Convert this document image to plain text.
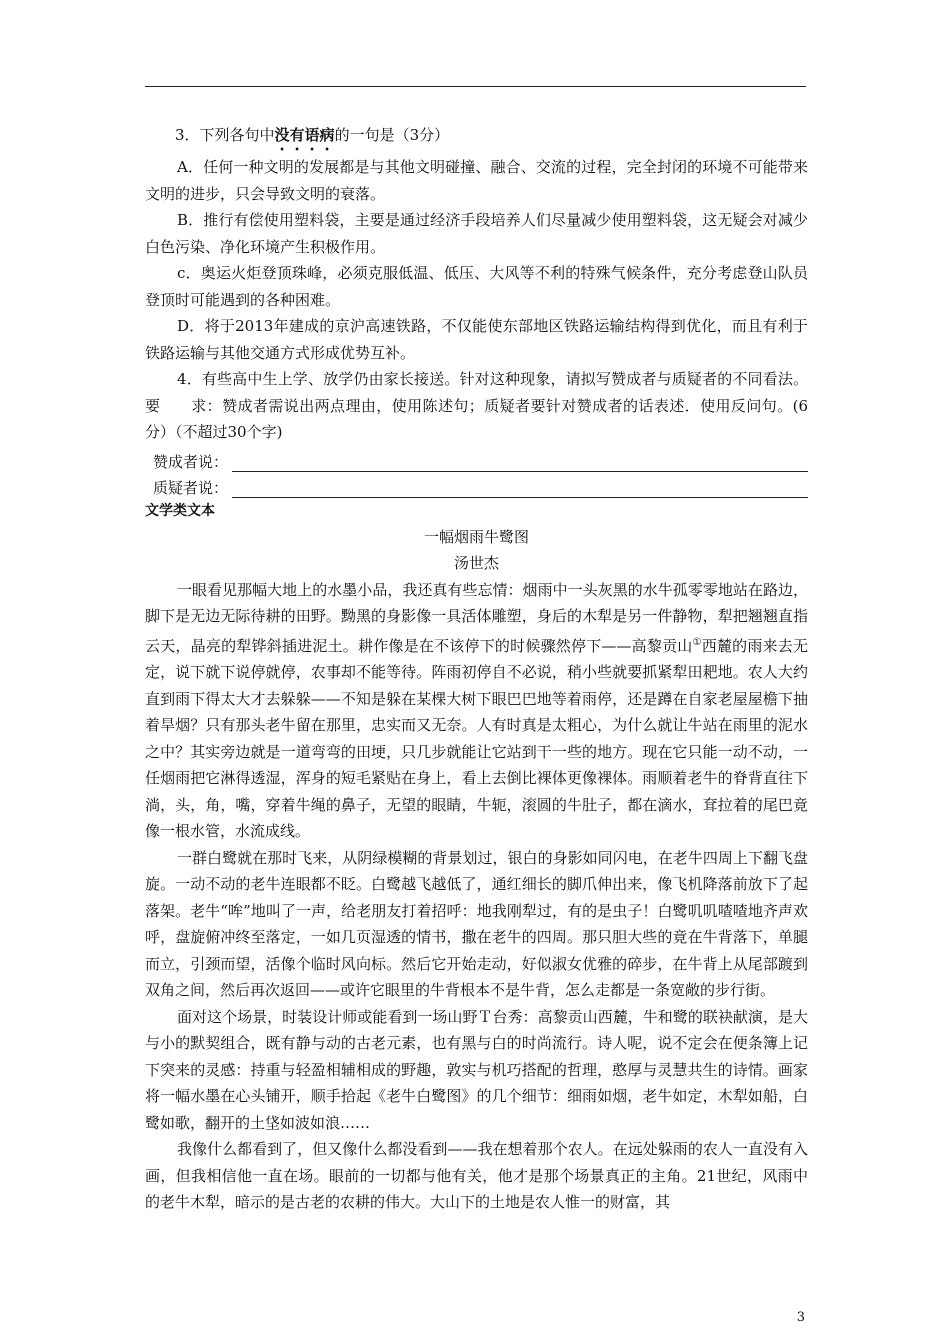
3．下列各句中没有语病的一句是（3分）

A．任何一种文明的发展都是与其他文明碰撞、融合、交流的过程，完全封闭的环境不可能带来文明的进步，只会导致文明的衰落。

B．推行有偿使用塑料袋，主要是通过经济手段培养人们尽量减少使用塑料袋，这无疑会对减少白色污染、净化环境产生积极作用。

c．奥运火炬登顶珠峰，必须克服低温、低压、大风等不利的特殊气候条件，充分考虑登山队员登顶时可能遇到的各种困难。

D．将于2013年建成的京沪高速铁路，不仅能使东部地区铁路运输结构得到优化，而且有利于铁路运输与其他交通方式形成优势互补。

4．有些高中生上学、放学仍由家长接送。针对这种现象，请拟写赞成者与质疑者的不同看法。要　　求：赞成者需说出两点理由，使用陈述句；质疑者要针对赞成者的话表述．使用反问句。(6分）（不超过30个字)

赞成者说：
质疑者说：

文学类文本

一幅烟雨牛鹭图

汤世杰

一眼看见那幅大地上的水墨小品，我还真有些忘情：烟雨中一头灰黑的水牛孤零零地站在路边，脚下是无边无际待耕的田野。黝黑的身影像一具活体雕塑，身后的木犁是另一件静物，犁把翘翘直指云天，晶亮的犁铧斜插进泥土。耕作像是在不该停下的时候骤然停下——高黎贡山①西麓的雨来去无定，说下就下说停就停，农事却不能等待。阵雨初停自不必说，稍小些就要抓紧犁田耙地。农人大约直到雨下得太大才去躲躲——不知是躲在某棵大树下眼巴巴地等着雨停，还是蹲在自家老屋屋檐下抽着旱烟？只有那头老牛留在那里，忠实而又无奈。人有时真是太粗心，为什么就让牛站在雨里的泥水之中？其实旁边就是一道弯弯的田埂，只几步就能让它站到干一些的地方。现在它只能一动不动，一任烟雨把它淋得透湿，浑身的短毛紧贴在身上，看上去倒比裸体更像裸体。雨顺着老牛的脊背直往下淌，头，角，嘴，穿着牛绳的鼻子，无望的眼睛，牛轭，滚圆的牛肚子，都在滴水，耷拉着的尾巴竟像一根水管，水流成线。

一群白鹭就在那时飞来，从阴绿模糊的背景划过，银白的身影如同闪电，在老牛四周上下翻飞盘旋。一动不动的老牛连眼都不眨。白鹭越飞越低了，通红细长的脚爪伸出来，像飞机降落前放下了起落架。老牛“哞”地叫了一声，给老朋友打着招呼：地我刚犁过，有的是虫子！白鹭叽叽喳喳地齐声欢呼，盘旋俯冲终至落定，一如几页湿透的情书，撒在老牛的四周。那只胆大些的竟在牛背落下，单腿而立，引颈而望，活像个临时风向标。然后它开始走动，好似淑女优雅的碎步，在牛背上从尾部踱到双角之间，然后再次返回——或许它眼里的牛背根本不是牛背，怎么走都是一条宽敞的步行街。

面对这个场景，时装设计师或能看到一场山野Ｔ台秀：高黎贡山西麓，牛和鹭的联袂献演，是大与小的默契组合，既有静与动的古老元素，也有黑与白的时尚流行。诗人呢，说不定会在便条簿上记下突来的灵感：持重与轻盈相辅相成的野趣，敦实与机巧搭配的哲理，憨厚与灵慧共生的诗情。画家将一幅水墨在心头铺开，顺手拾起《老牛白鹭图》的几个细节：细雨如烟，老牛如定，木犁如船，白鹭如歌，翻开的土垡如波如浪……

我像什么都看到了，但又像什么都没看到——我在想着那个农人。在远处躲雨的农人一直没有入画，但我相信他一直在场。眼前的一切都与他有关，他才是那个场景真正的主角。21世纪，风雨中的老牛木犁，暗示的是古老的农耕的伟大。大山下的土地是农人惟一的财富，其

3
